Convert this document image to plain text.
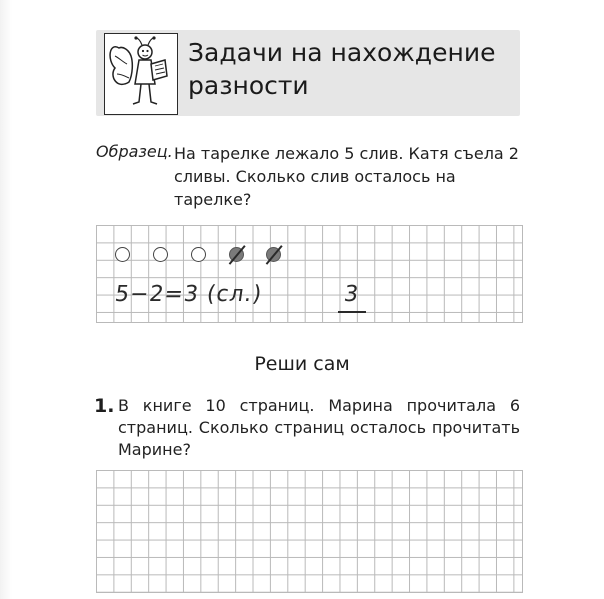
Задачи на нахождение разности
Образец. На тарелке лежало 5 слив. Катя съела 2 сливы. Сколько слив осталось на тарелке?
5−2=3 (сл.)	3
Реши сам
1. В книге 10 страниц. Марина прочитала 6 страниц. Сколько страниц осталось прочитать Марине?
